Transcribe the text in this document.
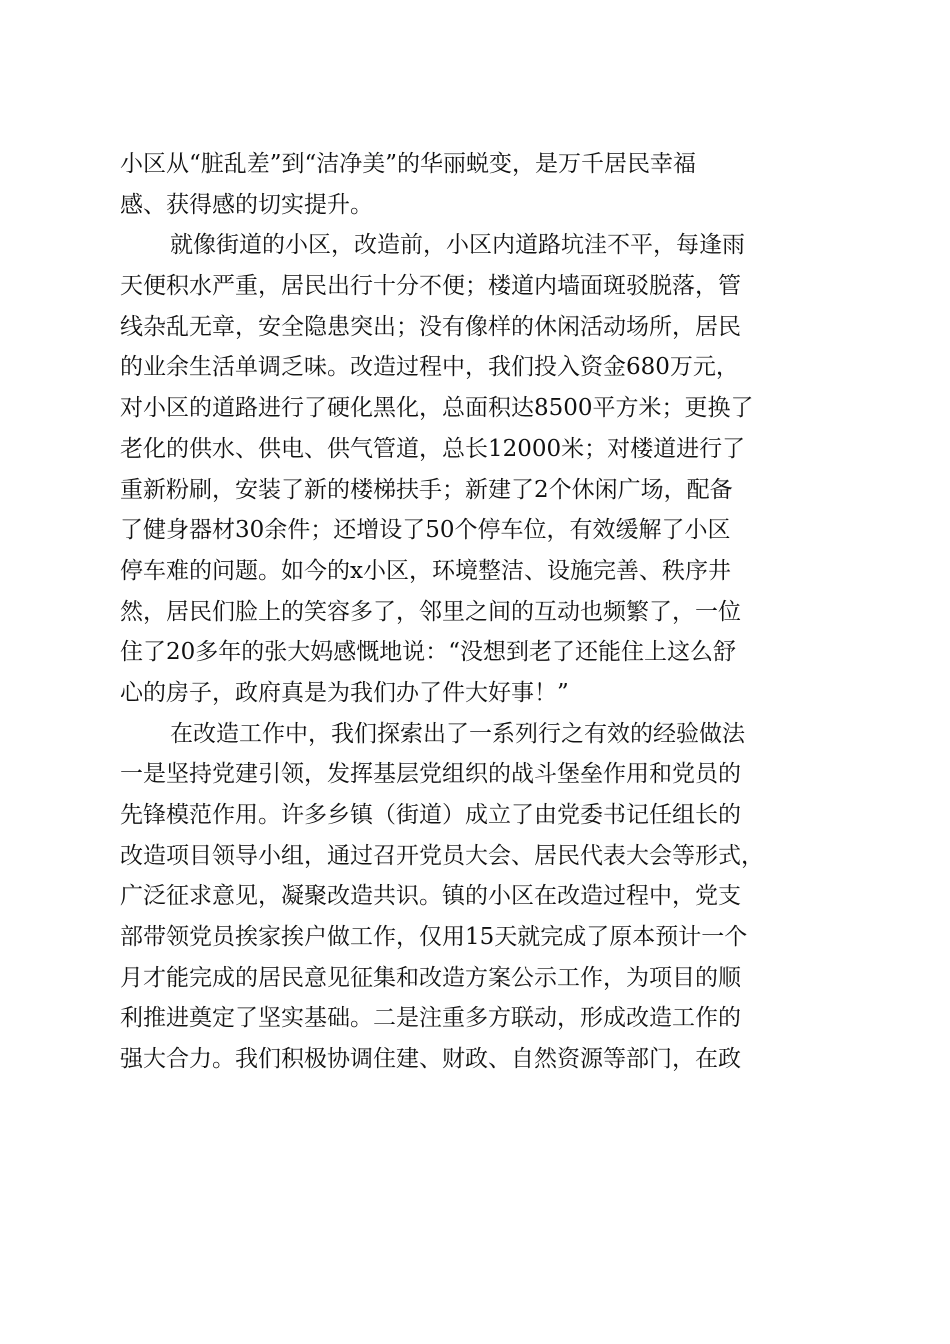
小区从“脏乱差”到“洁净美”的华丽蜕变，是万千居民幸福
感、获得感的切实提升。
就像街道的小区，改造前，小区内道路坑洼不平，每逢雨
天便积水严重，居民出行十分不便；楼道内墙面斑驳脱落，管
线杂乱无章，安全隐患突出；没有像样的休闲活动场所，居民
的业余生活单调乏味。改造过程中，我们投入资金680万元，
对小区的道路进行了硬化黑化，总面积达8500平方米；更换了
老化的供水、供电、供气管道，总长12000米；对楼道进行了
重新粉刷，安装了新的楼梯扶手；新建了2个休闲广场，配备
了健身器材30余件；还增设了50个停车位，有效缓解了小区
停车难的问题。如今的x小区，环境整洁、设施完善、秩序井
然，居民们脸上的笑容多了，邻里之间的互动也频繁了，一位
住了20多年的张大妈感慨地说：“没想到老了还能住上这么舒
心的房子，政府真是为我们办了件大好事！”
在改造工作中，我们探索出了一系列行之有效的经验做法
一是坚持党建引领，发挥基层党组织的战斗堡垒作用和党员的
先锋模范作用。许多乡镇（街道）成立了由党委书记任组长的
改造项目领导小组，通过召开党员大会、居民代表大会等形式，
广泛征求意见，凝聚改造共识。镇的小区在改造过程中，党支
部带领党员挨家挨户做工作，仅用15天就完成了原本预计一个
月才能完成的居民意见征集和改造方案公示工作，为项目的顺
利推进奠定了坚实基础。二是注重多方联动，形成改造工作的
强大合力。我们积极协调住建、财政、自然资源等部门，在政
